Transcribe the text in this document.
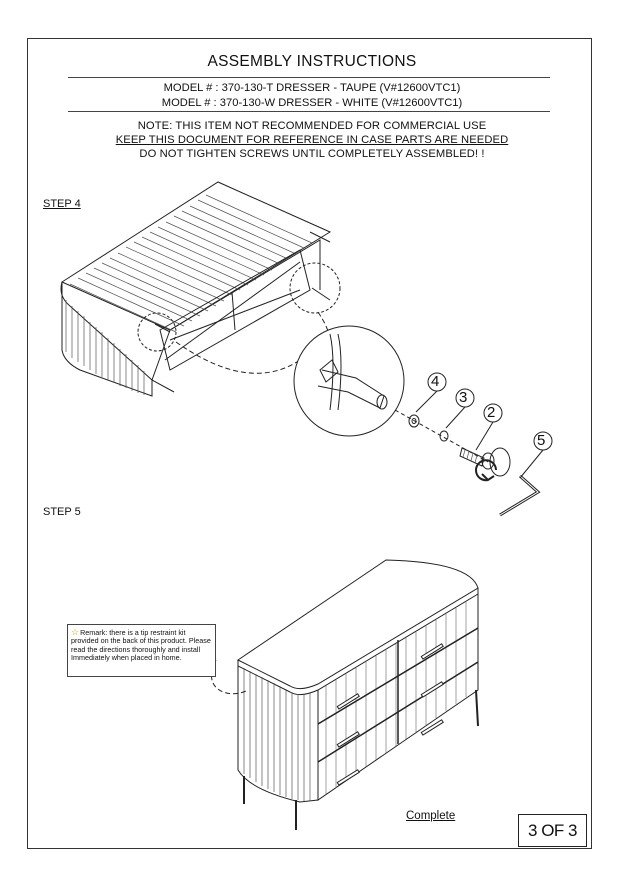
ASSEMBLY INSTRUCTIONS
MODEL # : 370-130-T DRESSER - TAUPE (V#12600VTC1)
MODEL # : 370-130-W DRESSER - WHITE (V#12600VTC1)
NOTE: THIS ITEM NOT RECOMMENDED FOR COMMERCIAL USE
KEEP THIS DOCUMENT FOR REFERENCE IN CASE PARTS ARE NEEDED
DO NOT TIGHTEN SCREWS UNTIL COMPLETELY ASSEMBLED! !
STEP 4
STEP 5
4
3
2
5
☆Remark: there is a tip restraint kit provided on the back of this product. Please read the directions thoroughly and install Immediately when placed in home.
Complete
3 OF 3
